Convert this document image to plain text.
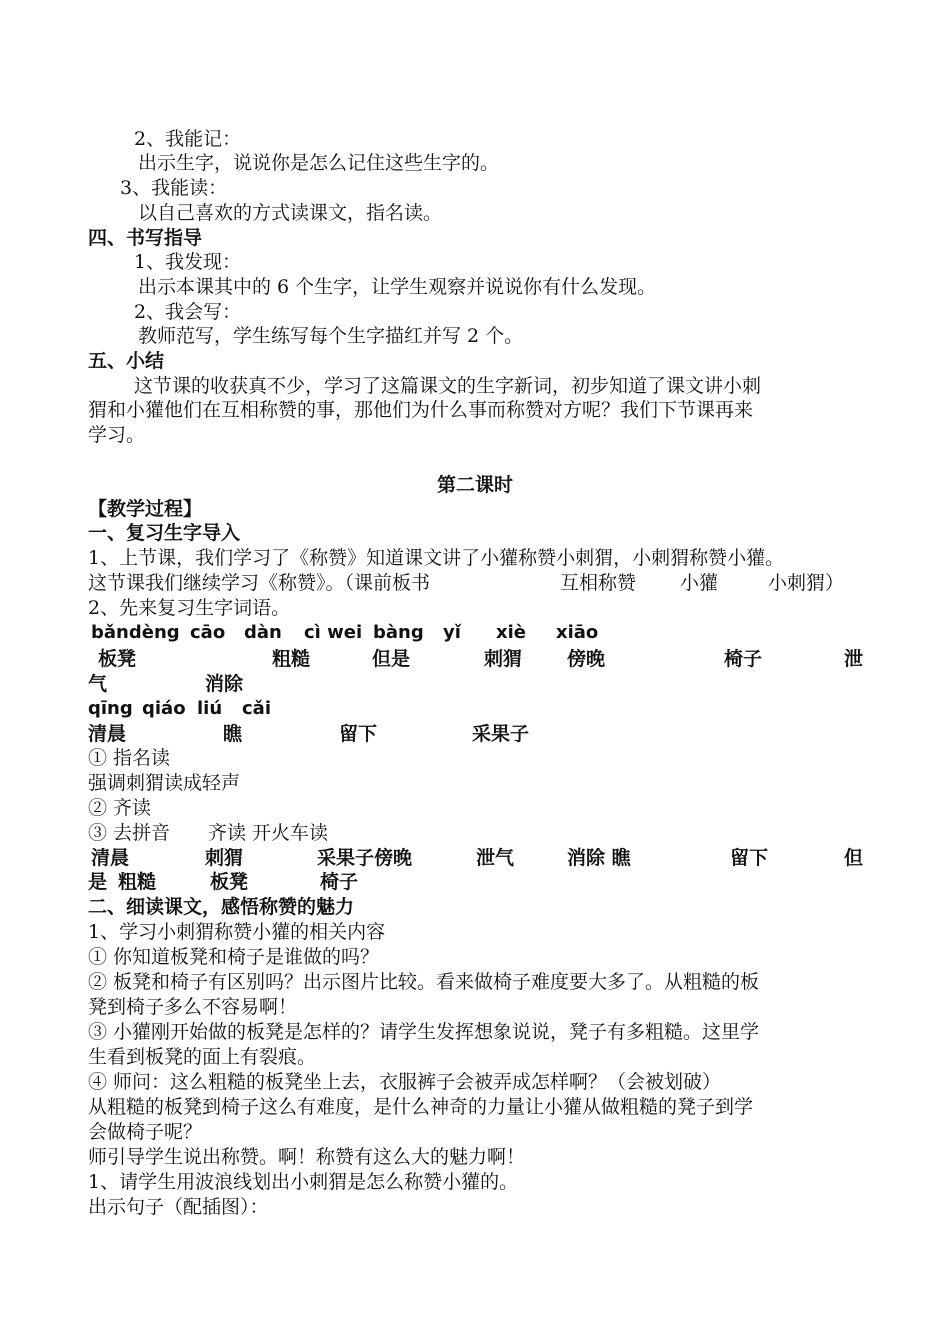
2、我能记：
出示生字，说说你是怎么记住这些生字的。
3、我能读：
以自己喜欢的方式读课文，指名读。
四、书写指导
1、我发现：
出示本课其中的 6 个生字，让学生观察并说说你有什么发现。
2、我会写：
教师范写，学生练写每个生字描红并写 2 个。
五、小结
这节课的收获真不少，学习了这篇课文的生字新词，初步知道了课文讲小刺
猬和小獾他们在互相称赞的事，那他们为什么事而称赞对方呢？我们下节课再来
学习。
第二课时
【教学过程】
一、复习生字导入
1、上节课，我们学习了《称赞》知道课文讲了小獾称赞小刺猬，小刺猬称赞小獾。
这节课我们继续学习《称赞》。（课前板书	互相称赞 小獾	小刺猬）
2、先来复习生字词语。
bǎndèng cāo dàn cì wei bàng yǐ xiè xiāo
板凳	粗糙	但是	刺猬 傍晚	椅子	泄
气	消除
qīng qiáo liú cǎi
清晨	瞧	留下	采果子
① 指名读
强调刺猬读成轻声
② 齐读
③ 去拼音 齐读 开火车读
清晨	刺猬	采果子傍晚	泄气	消除 瞧	留下	但
是 粗糙	板凳	椅子
二、细读课文，感悟称赞的魅力
1、学习小刺猬称赞小獾的相关内容
① 你知道板凳和椅子是谁做的吗？
② 板凳和椅子有区别吗？出示图片比较。看来做椅子难度要大多了。从粗糙的板
凳到椅子多么不容易啊！
③ 小獾刚开始做的板凳是怎样的？请学生发挥想象说说，凳子有多粗糙。这里学
生看到板凳的面上有裂痕。
④ 师问：这么粗糙的板凳坐上去，衣服裤子会被弄成怎样啊？（会被划破）
从粗糙的板凳到椅子这么有难度，是什么神奇的力量让小獾从做粗糙的凳子到学
会做椅子呢？
师引导学生说出称赞。啊！称赞有这么大的魅力啊！
1、请学生用波浪线划出小刺猬是怎么称赞小獾的。
出示句子（配插图）：
